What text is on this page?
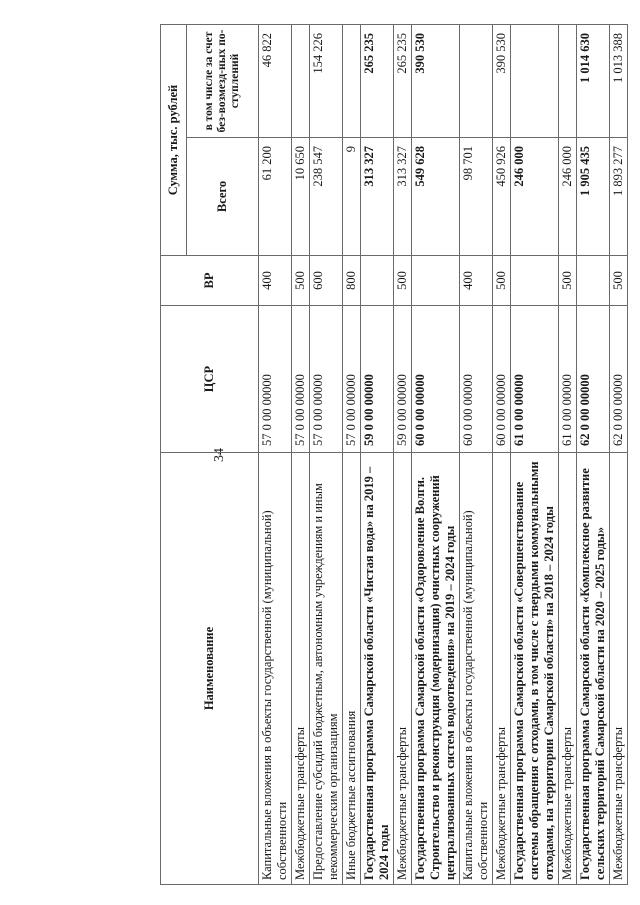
34
Наименование	ЦСР	ВР	Сумма, тыс. рублей	
			Всего	в том числе за счет без-возмезд-ных по-ступлений
Капитальные вложения в объекты государственной (муниципальной) собственности	57 0 00 00000	400	61 200	46 822
Межбюджетные трансферты	57 0 00 00000	500	10 650	
Предоставление субсидий бюджетным, автономным учреждениям и иным некоммерческим организациям	57 0 00 00000	600	238 547	154 226
Иные бюджетные ассигнования	57 0 00 00000	800	9	
Государственная программа Самарской области «Чистая вода» на 2019 – 2024 годы	59 0 00 00000		313 327	265 235
Межбюджетные трансферты	59 0 00 00000	500	313 327	265 235
Государственная программа Самарской области «Оздоровление Волги. Строительство и реконструкция (модернизация) очистных сооружений централизованных систем водоотведения» на 2019 – 2024 годы	60 0 00 00000		549 628	390 530
Капитальные вложения в объекты государственной (муниципальной) собственности	60 0 00 00000	400	98 701	
Межбюджетные трансферты	60 0 00 00000	500	450 926	390 530
Государственная программа Самарской области «Совершенствование системы обращения с отходами, в том числе с твердыми коммунальными отходами, на территории Самарской области» на 2018 – 2024 годы	61 0 00 00000		246 000	
Межбюджетные трансферты	61 0 00 00000	500	246 000	
Государственная программа Самарской области «Комплексное развитие сельских территорий Самарской области на 2020 – 2025 годы»	62 0 00 00000		1 905 435	1 014 630
Межбюджетные трансферты	62 0 00 00000	500	1 893 277	1 013 388
